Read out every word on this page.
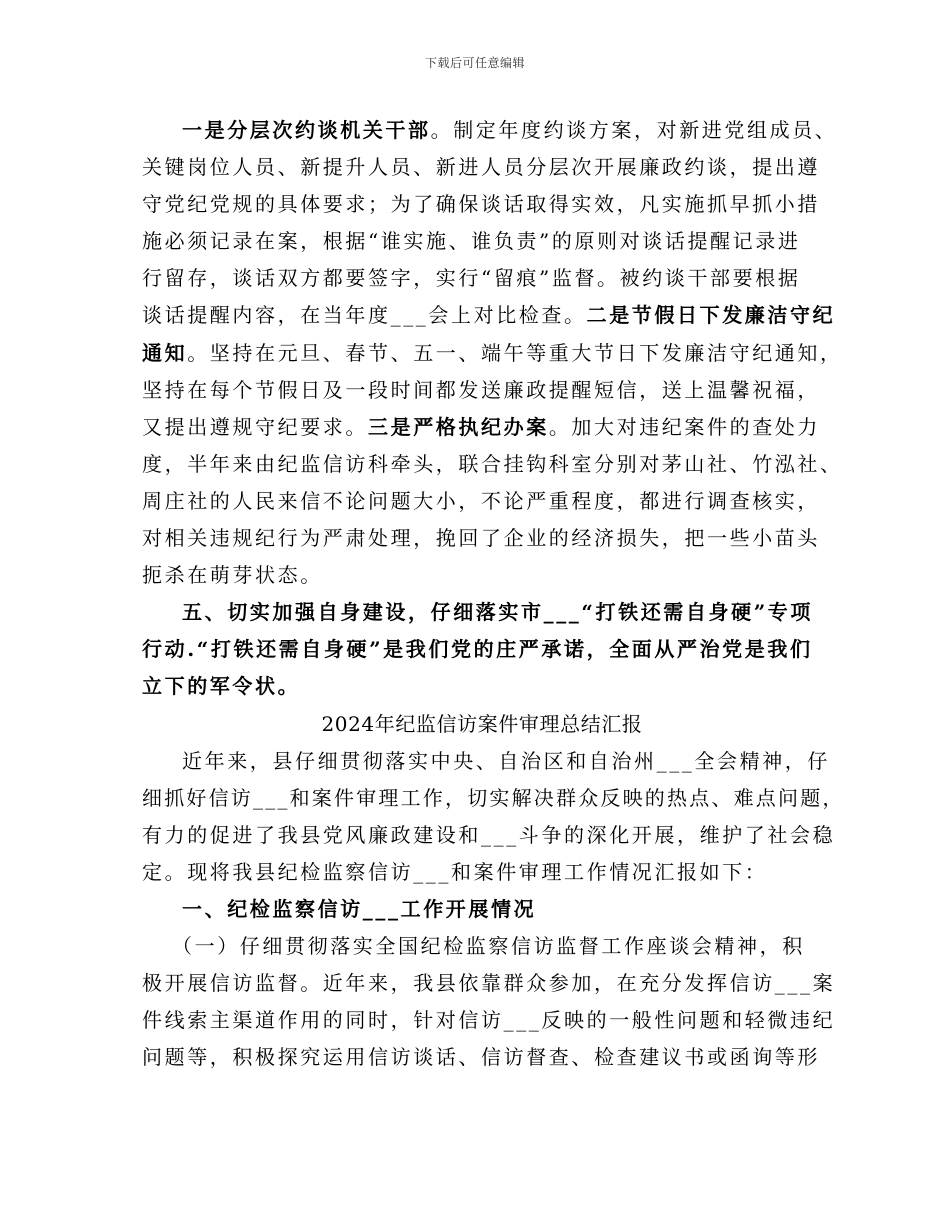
下载后可任意编辑
一是分层次约谈机关干部。制定年度约谈方案，对新进党组成员、
关键岗位人员、新提升人员、新进人员分层次开展廉政约谈，提出遵
守党纪党规的具体要求；为了确保谈话取得实效，凡实施抓早抓小措
施必须记录在案，根据“谁实施、谁负责”的原则对谈话提醒记录进
行留存，谈话双方都要签字，实行“留痕”监督。被约谈干部要根据
谈话提醒内容，在当年度___会上对比检查。二是节假日下发廉洁守纪
通知。坚持在元旦、春节、五一、端午等重大节日下发廉洁守纪通知，
坚持在每个节假日及一段时间都发送廉政提醒短信，送上温馨祝福，
又提出遵规守纪要求。三是严格执纪办案。加大对违纪案件的查处力
度，半年来由纪监信访科牵头，联合挂钩科室分别对茅山社、竹泓社、
周庄社的人民来信不论问题大小，不论严重程度，都进行调查核实，
对相关违规纪行为严肃处理，挽回了企业的经济损失，把一些小苗头
扼杀在萌芽状态。
五、切实加强自身建设，仔细落实市___“打铁还需自身硬”专项
行动.“打铁还需自身硬”是我们党的庄严承诺，全面从严治党是我们
立下的军令状。
2024年纪监信访案件审理总结汇报
近年来，县仔细贯彻落实中央、自治区和自治州___全会精神，仔
细抓好信访___和案件审理工作，切实解决群众反映的热点、难点问题，
有力的促进了我县党风廉政建设和___斗争的深化开展，维护了社会稳
定。现将我县纪检监察信访___和案件审理工作情况汇报如下：
一、纪检监察信访___工作开展情况
（一）仔细贯彻落实全国纪检监察信访监督工作座谈会精神，积
极开展信访监督。近年来，我县依靠群众参加，在充分发挥信访___案
件线索主渠道作用的同时，针对信访___反映的一般性问题和轻微违纪
问题等，积极探究运用信访谈话、信访督查、检查建议书或函询等形
